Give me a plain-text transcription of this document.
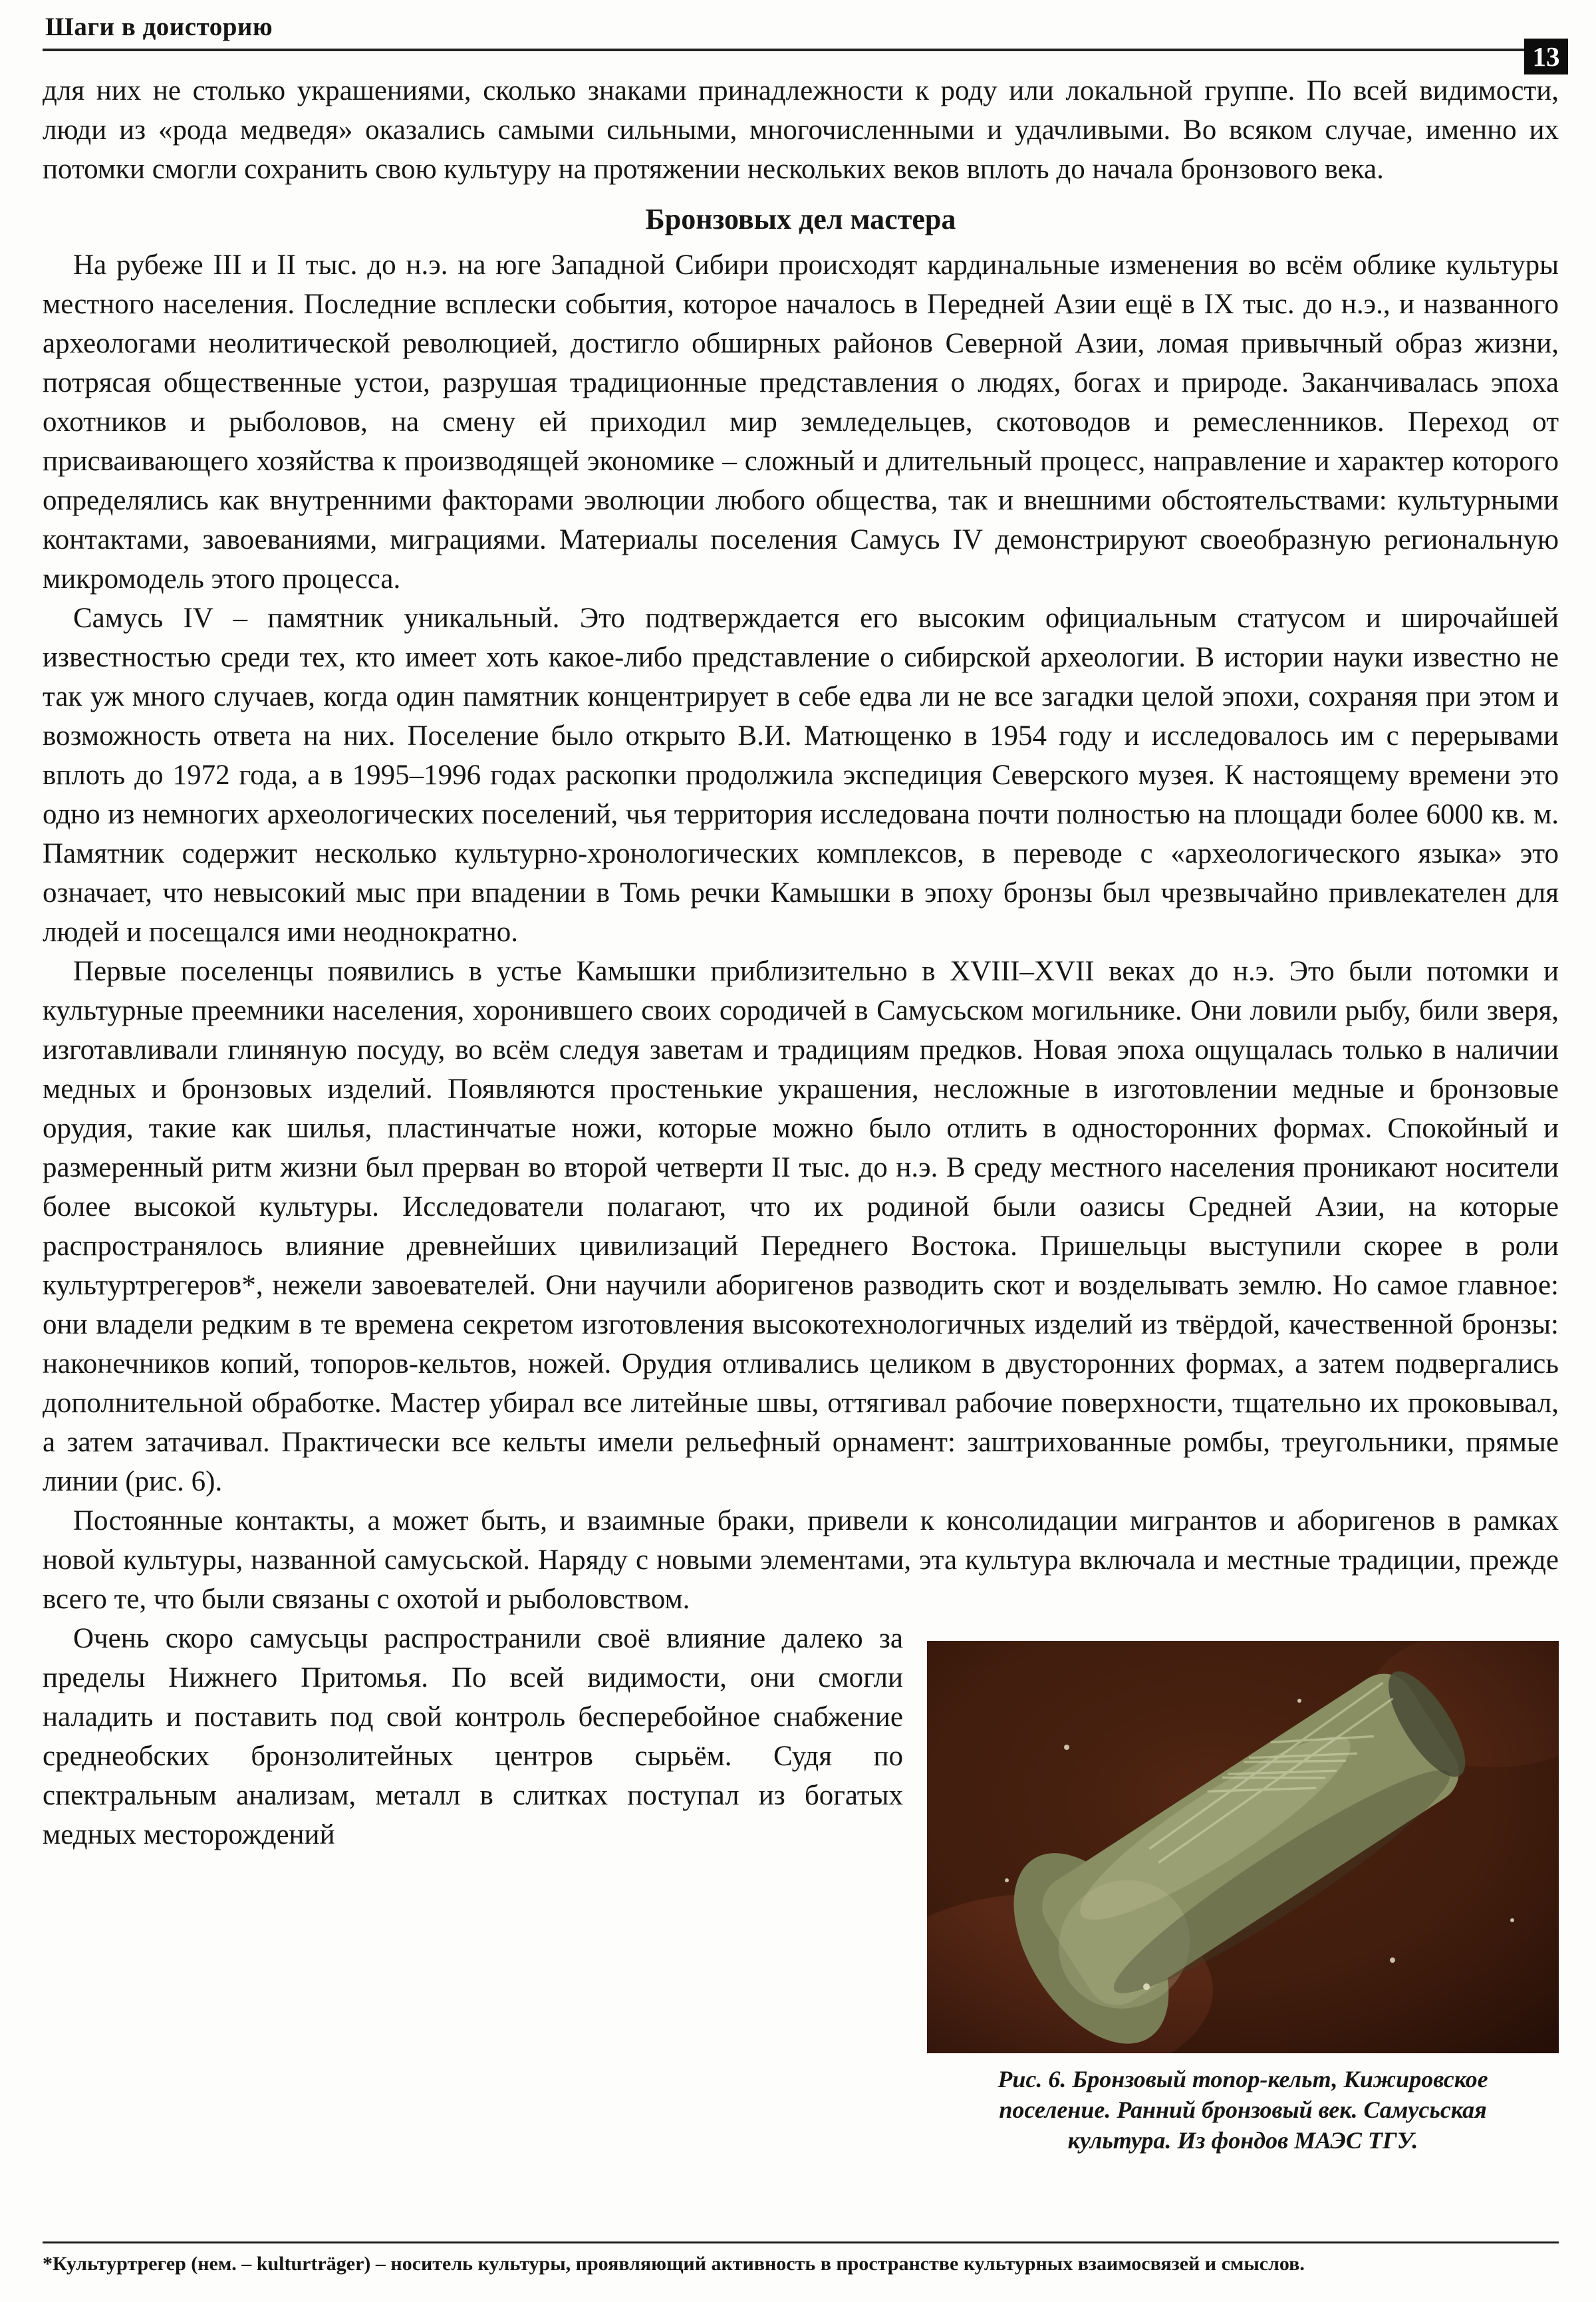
Шаги в доисторию
13
Рис. 6. Бронзовый топор-кельт, Кижировское поселение. Ранний бронзовый век. Самусьская культура. Из фондов МАЭС ТГУ.

для них не столько украшениями, сколько знаками принадлежности к роду или локальной группе. По всей видимости, люди из «рода медведя» оказались самыми сильными, многочисленными и удачливыми. Во всяком случае, именно их потомки смогли сохранить свою культуру на протяжении нескольких веков вплоть до начала бронзового века.

Бронзовых дел мастера

На рубеже III и II тыс. до н.э. на юге Западной Сибири происходят кардинальные изменения во всём облике культуры местного населения. Последние всплески события, которое началось в Передней Азии ещё в IX тыс. до н.э., и названного археологами неолитической революцией, достигло обширных районов Северной Азии, ломая привычный образ жизни, потрясая общественные устои, разрушая традиционные представления о людях, богах и природе. Заканчивалась эпоха охотников и рыболовов, на смену ей приходил мир земледельцев, скотоводов и ремесленников. Переход от присваивающего хозяйства к производящей экономике – сложный и длительный процесс, направление и характер которого определялись как внутренними факторами эволюции любого общества, так и внешними обстоятельствами: культурными контактами, завоеваниями, миграциями. Материалы поселения Самусь IV демонстрируют своеобразную региональную микромодель этого процесса.

Самусь IV – памятник уникальный. Это подтверждается его высоким официальным статусом и широчайшей известностью среди тех, кто имеет хоть какое-либо представление о сибирской археологии. В истории науки известно не так уж много случаев, когда один памятник концентрирует в себе едва ли не все загадки целой эпохи, сохраняя при этом и возможность ответа на них. Поселение было открыто В.И. Матющенко в 1954 году и исследовалось им с перерывами вплоть до 1972 года, а в 1995–1996 годах раскопки продолжила экспедиция Северского музея. К настоящему времени это одно из немногих археологических поселений, чья территория исследована почти полностью на площади более 6000 кв. м. Памятник содержит несколько культурно-хронологических комплексов, в переводе с «археологического языка» это означает, что невысокий мыс при впадении в Томь речки Камышки в эпоху бронзы был чрезвычайно привлекателен для людей и посещался ими неоднократно.

Первые поселенцы появились в устье Камышки приблизительно в XVIII–XVII веках до н.э. Это были потомки и культурные преемники населения, хоронившего своих сородичей в Самусьском могильнике. Они ловили рыбу, били зверя, изготавливали глиняную посуду, во всём следуя заветам и традициям предков. Новая эпоха ощущалась только в наличии медных и бронзовых изделий. Появляются простенькие украшения, несложные в изготовлении медные и бронзовые орудия, такие как шилья, пластинчатые ножи, которые можно было отлить в односторонних формах. Спокойный и размеренный ритм жизни был прерван во второй четверти II тыс. до н.э. В среду местного населения проникают носители более высокой культуры. Исследователи полагают, что их родиной были оазисы Средней Азии, на которые распространялось влияние древнейших цивилизаций Переднего Востока. Пришельцы выступили скорее в роли культуртрегеров*, нежели завоевателей. Они научили аборигенов разводить скот и возделывать землю. Но самое главное: они владели редким в те времена секретом изготовления высокотехнологичных изделий из твёрдой, качественной бронзы: наконечников копий, топоров-кельтов, ножей. Орудия отливались целиком в двусторонних формах, а затем подвергались дополнительной обработке. Мастер убирал все литейные швы, оттягивал рабочие поверхности, тщательно их проковывал, а затем затачивал. Практически все кельты имели рельефный орнамент: заштрихованные ромбы, треугольники, прямые линии (рис. 6).

Постоянные контакты, а может быть, и взаимные браки, привели к консолидации мигрантов и аборигенов в рамках новой культуры, названной самусьской. Наряду с новыми элементами, эта культура включала и местные традиции, прежде всего те, что были связаны с охотой и рыболовством.

Очень скоро самусьцы распространили своё влияние далеко за пределы Нижнего Притомья. По всей видимости, они смогли наладить и поставить под свой контроль бесперебойное снабжение среднеобских бронзолитейных центров сырьём. Судя по спектральным анализам, металл в слитках поступал из богатых медных месторождений

*Культуртрегер (нем. – kulturträger) – носитель культуры, проявляющий активность в пространстве культурных взаимосвязей и смыслов.
